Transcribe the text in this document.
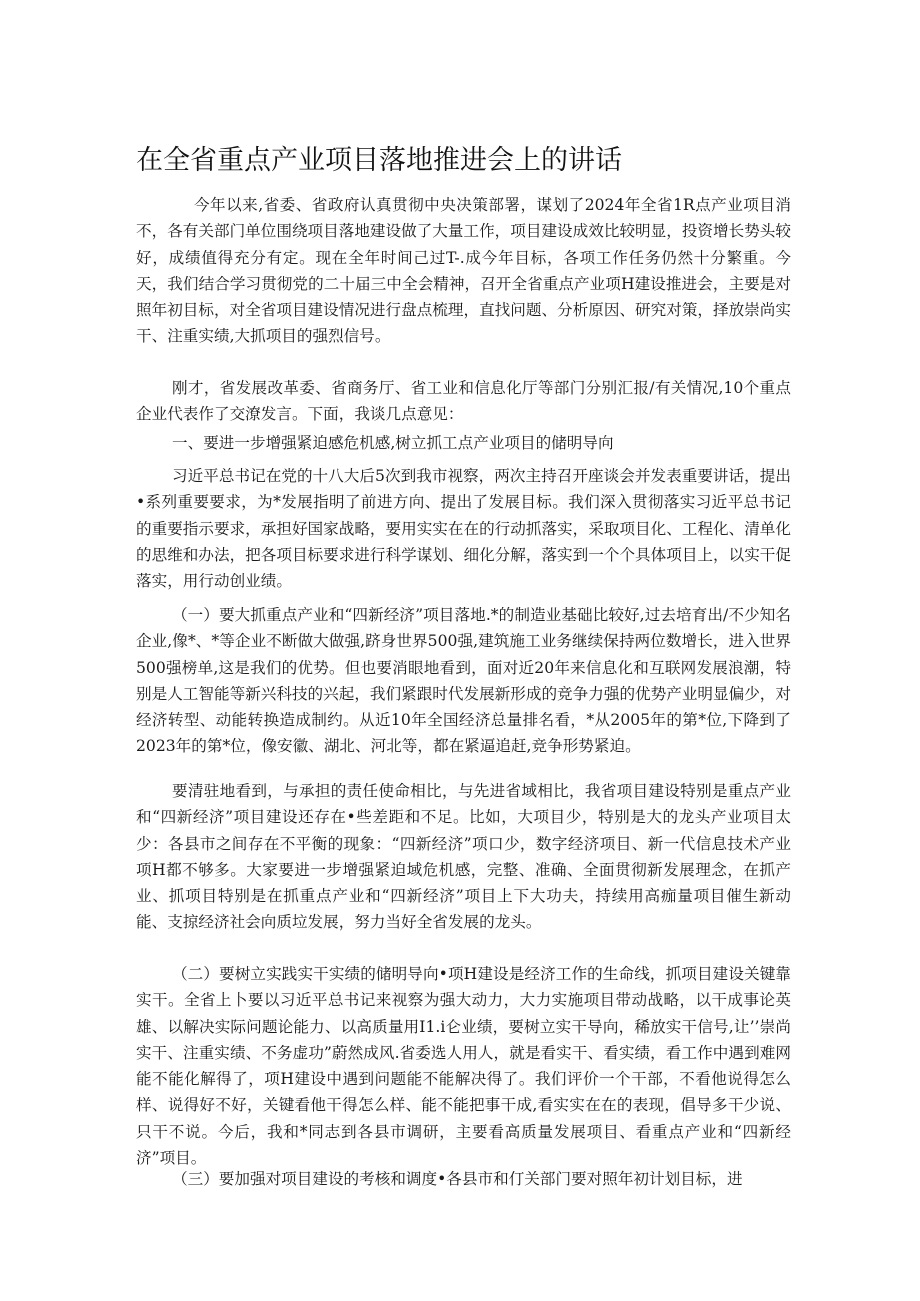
在全省重点产业项目落地推进会上的讲话

今年以来,省委、省政府认真贯彻中央决策部署，谋划了2024年全省1R点产业项目消不，各有关部门单位围绕项目落地建设做了大量工作，项目建设成效比较明显，投资增长势头较好，成绩值得充分有定。现在全年时间己过T-.成今年目标，各项工作任务仍然十分繁重。今天，我们结合学习贯彻党的二十届三中全会精神，召开全省重点产业项H建设推进会，主要是对照年初目标，对全省项目建设情况进行盘点梳理，直找问题、分析原因、研究对策，择放崇尚实干、注重实绩,大抓项目的强烈信号。

刚才，省发展改革委、省商务厅、省工业和信息化厅等部门分别汇报/有关情况,10个重点企业代表作了交潦发言。下面，我谈几点意见：

一、要进一步增强紧迫感危机感,树立抓工点产业项目的储明导向

习近平总书记在党的十八大后5次到我市视察，两次主持召开座谈会并发表重要讲话，提出•系列重要要求，为*发展指明了前进方向、提出了发展目标。我们深入贯彻落实习近平总书记的重要指示要求，承担好国家战略，要用实实在在的行动抓落实，采取项目化、工程化、清单化的思维和办法，把各项目标要求进行科学谋划、细化分解，落实到一个个具体项目上，以实干促落实，用行动创业绩。

（一）要大抓重点产业和“四新经济”项目落地.*的制造业基础比较好,过去培育出/不少知名企业,像*、*等企业不断做大做强,跻身世界500强,建筑施工业务继续保持两位数增长，进入世界500强榜单,这是我们的优势。但也要消眼地看到，面对近20年来信息化和互联网发展浪潮，特别是人工智能等新兴科技的兴起，我们紧跟时代发展新形成的竞争力强的优势产业明显偏少，对经济转型、动能转换造成制约。从近10年全国经济总量排名看，*从2005年的第*位,下降到了2023年的第*位，像安徽、湖北、河北等，都在紧逼追赶,竞争形势紧迫。

要清驻地看到，与承担的责任使命相比，与先进省域相比，我省项目建设特别是重点产业和“四新经济”项目建设还存在•些差距和不足。比如，大项目少，特别是大的龙头产业项目太少：各县市之间存在不平衡的现象：“四新经济”项口少，数字经济项目、新一代信息技术产业项H都不够多。大家要进一步增强紧迫域危机感，完整、准确、全面贯彻新发展理念，在抓产业、抓项目特别是在抓重点产业和“四新经济”项目上下大功夫，持续用高痂量项目催生新动能、支掠经济社会向质垃发展，努力当好全省发展的龙头。

（二）要树立实践实干实绩的储明导向•项H建设是经济工作的生命线，抓项目建设关键靠实干。全省上卜要以习近平总书记来视察为强大动力，大力实施项目带动战略，以干成事论英雄、以解决实际问题论能力、以高质量用I1.i仑业绩，要树立实干导向，稀放实干信号,让’’崇尚实干、注重实绩、不务虚功”蔚然成风.省委选人用人，就是看实干、看实绩，看工作中遇到难网能不能化解得了，项H建设中遇到问题能不能解决得了。我们评价一个干部，不看他说得怎么样、说得好不好，关键看他干得怎么样、能不能把事干成,看实实在在的表现，倡导多干少说、只干不说。今后，我和*同志到各县市调研，主要看高质量发展项目、看重点产业和“四新经济”项目。

（三）要加强对项目建设的考核和调度•各县市和仃关部门要对照年初计划目标，进
